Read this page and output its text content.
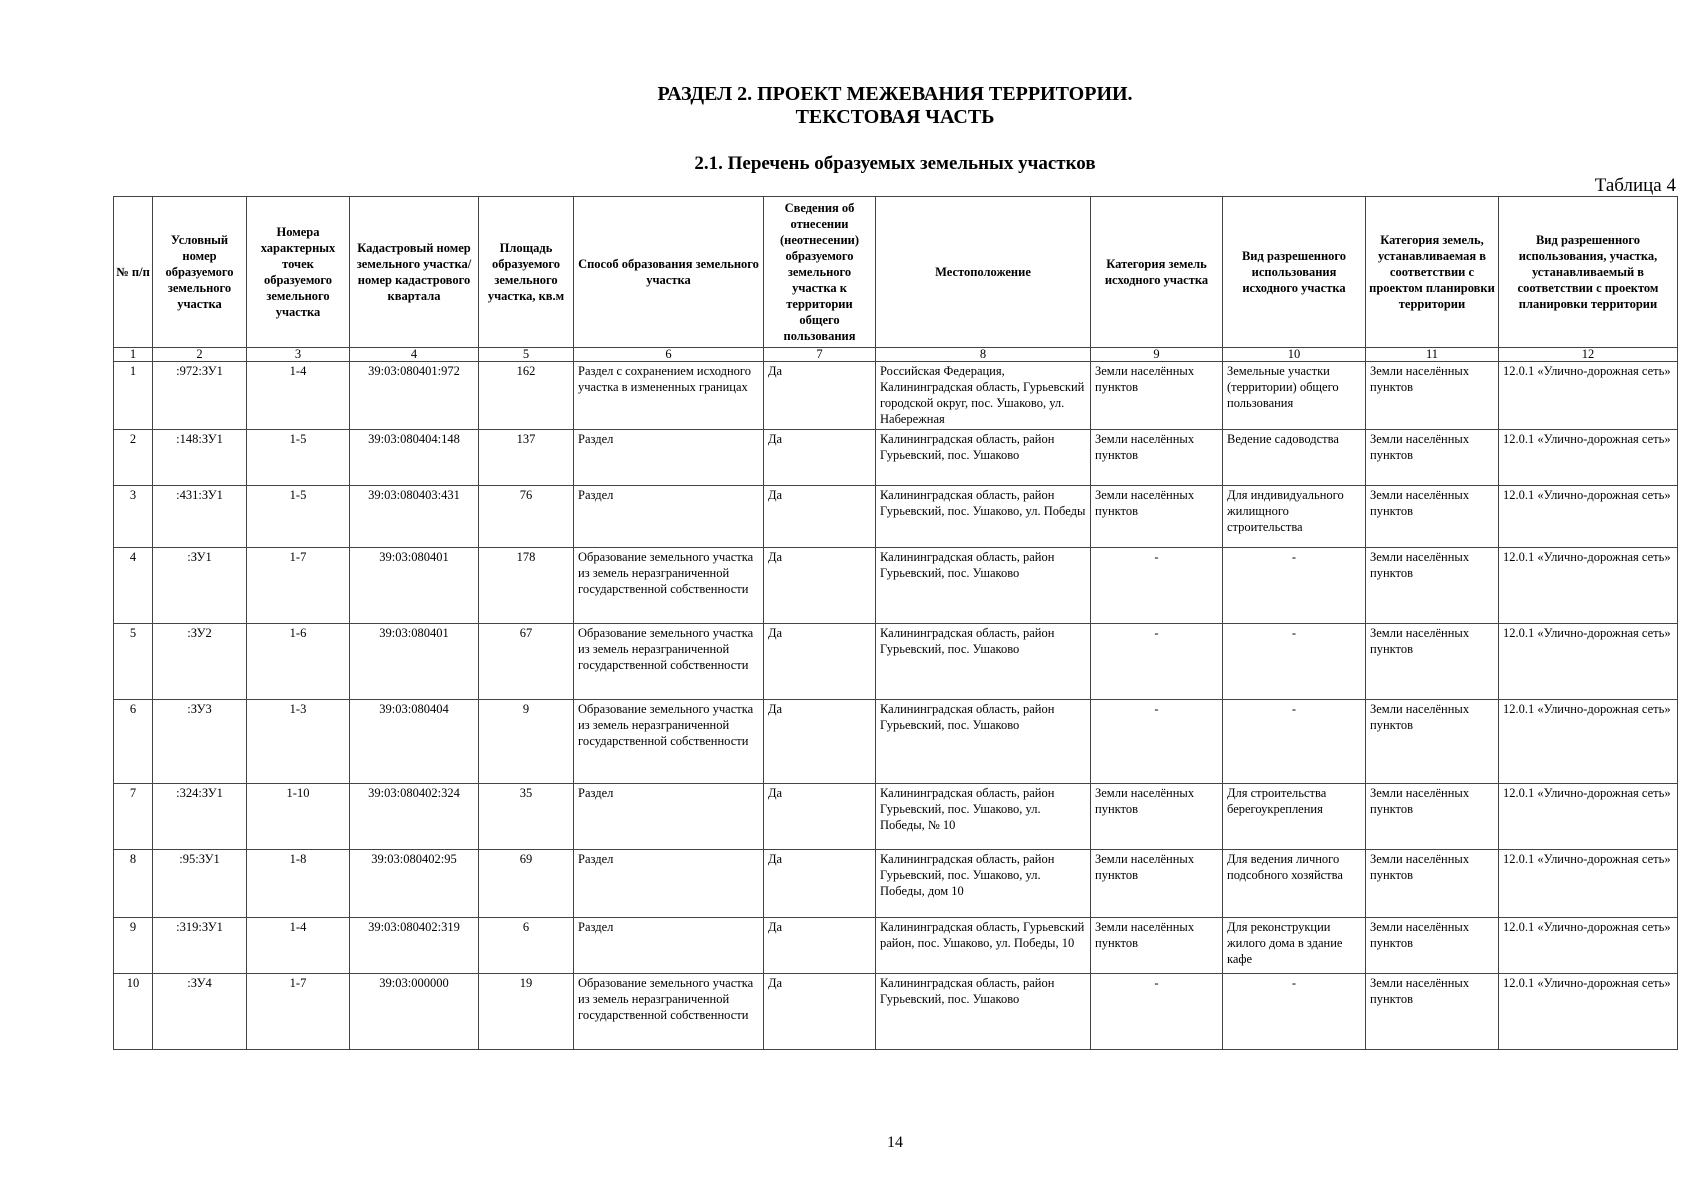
РАЗДЕЛ 2. ПРОЕКТ МЕЖЕВАНИЯ ТЕРРИТОРИИ.
ТЕКСТОВАЯ ЧАСТЬ
2.1. Перечень образуемых земельных участков
Таблица 4
№ п/п	Условный номер образуемого земельного участка	Номера характерных точек образуемого земельного участка	Кадастровый номер земельного участка/номер кадастрового квартала	Площадь образуемого земельного участка, кв.м	Способ образования земельного участка	Сведения об отнесении (неотнесении) образуемого земельного участка к территории общего пользования	Местоположение	Категория земель исходного участка	Вид разрешенного использования исходного участка	Категория земель, устанавливаемая в соответствии с проектом планировки территории	Вид разрешенного использования, участка, устанавливаемый в соответствии с проектом планировки территории
1	2	3	4	5	6	7	8	9	10	11	12
1	:972:ЗУ1	1-4	39:03:080401:972	162	Раздел с сохранением исходного участка в измененных границах	Да	Российская Федерация, Калининградская область, Гурьевский городской округ, пос. Ушаково, ул. Набережная	Земли населённых пунктов	Земельные участки (территории) общего пользования	Земли населённых пунктов	12.0.1 «Улично-дорожная сеть»
2	:148:ЗУ1	1-5	39:03:080404:148	137	Раздел	Да	Калининградская область, район Гурьевский, пос. Ушаково	Земли населённых пунктов	Ведение садоводства	Земли населённых пунктов	12.0.1 «Улично-дорожная сеть»
3	:431:ЗУ1	1-5	39:03:080403:431	76	Раздел	Да	Калининградская область, район Гурьевский, пос. Ушаково, ул. Победы	Земли населённых пунктов	Для индивидуального жилищного строительства	Земли населённых пунктов	12.0.1 «Улично-дорожная сеть»
4	:ЗУ1	1-7	39:03:080401	178	Образование земельного участка из земель неразграниченной государственной собственности	Да	Калининградская область, район Гурьевский, пос. Ушаково	-	-	Земли населённых пунктов	12.0.1 «Улично-дорожная сеть»
5	:ЗУ2	1-6	39:03:080401	67	Образование земельного участка из земель неразграниченной государственной собственности	Да	Калининградская область, район Гурьевский, пос. Ушаково	-	-	Земли населённых пунктов	12.0.1 «Улично-дорожная сеть»
6	:ЗУ3	1-3	39:03:080404	9	Образование земельного участка из земель неразграниченной государственной собственности	Да	Калининградская область, район Гурьевский, пос. Ушаково	-	-	Земли населённых пунктов	12.0.1 «Улично-дорожная сеть»
7	:324:ЗУ1	1-10	39:03:080402:324	35	Раздел	Да	Калининградская область, район Гурьевский, пос. Ушаково, ул. Победы, № 10	Земли населённых пунктов	Для строительства берегоукрепления	Земли населённых пунктов	12.0.1 «Улично-дорожная сеть»
8	:95:ЗУ1	1-8	39:03:080402:95	69	Раздел	Да	Калининградская область, район Гурьевский, пос. Ушаково, ул. Победы, дом 10	Земли населённых пунктов	Для ведения личного подсобного хозяйства	Земли населённых пунктов	12.0.1 «Улично-дорожная сеть»
9	:319:ЗУ1	1-4	39:03:080402:319	6	Раздел	Да	Калининградская область, Гурьевский район, пос. Ушаково, ул. Победы, 10	Земли населённых пунктов	Для реконструкции жилого дома в здание кафе	Земли населённых пунктов	12.0.1 «Улично-дорожная сеть»
10	:ЗУ4	1-7	39:03:000000	19	Образование земельного участка из земель неразграниченной государственной собственности	Да	Калининградская область, район Гурьевский, пос. Ушаково	-	-	Земли населённых пунктов	12.0.1 «Улично-дорожная сеть»
14
